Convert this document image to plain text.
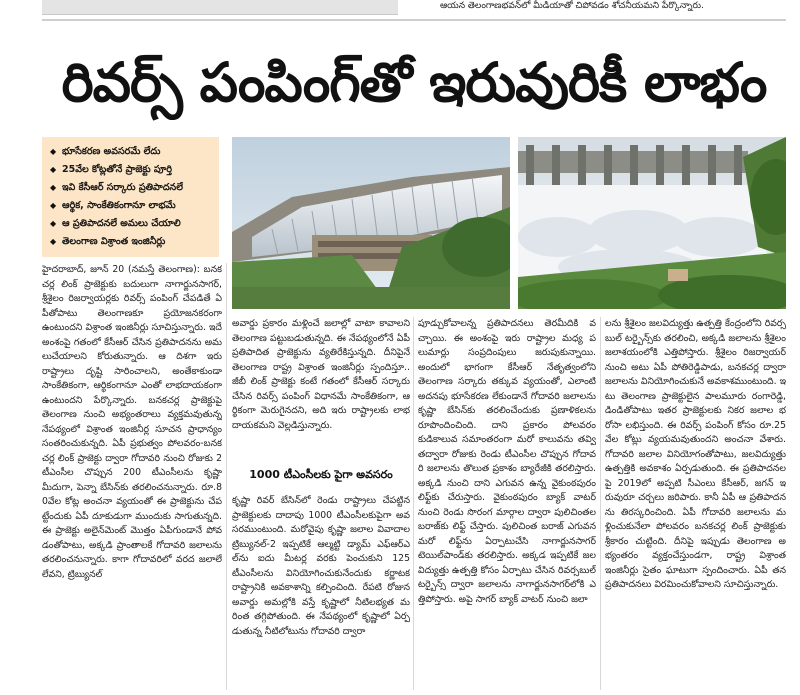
ఆయన తెలంగాణభవన్‌లో మీడియాతో చిపోవడం శోచనీయమని పేర్కొన్నారు.
రివర్స్ పంపింగ్‌తో ఇరువురికీ లాభం
◆ భూసేకరణ అవసరమే లేదు
◆ 25వేల కోట్లతోనే ప్రాజెక్టు పూర్తి
◆ ఇవి కేసీఆర్ సర్కారు ప్రతిపాదనలే
◆ ఆర్థిక, సాంకేతికంగానూ లాభమే
◆ ఆ ప్రతిపాదనలే అమలు చేయాలి
◆ తెలంగాణ విశ్రాంత ఇంజినీర్లు
హైదరాబాద్, జూన్ 20 (నమస్తే తెలంగాణ): బనకచర్ల లింక్ ప్రాజెక్టుకు బదులుగా నాగార్జునసాగర్, శ్రీశైలం రిజర్వాయర్లకు రివర్స్ పంపింగ్ చేపడితే ఏపీతోపాటు తెలంగాణకూ ప్రయోజనకరంగా ఉంటుందని విశ్రాంత ఇంజినీర్లు సూచిస్తున్నారు. ఇదే అంశంపై గతంలో కేసీఆర్ చేసిన ప్రతిపాదనను అమలుచేయాలని కోరుతున్నారు. ఆ దిశగా ఇరు రాష్ట్రాలు దృష్టి సారించాలని, అంతేకాకుండా సాంకేతికంగా, ఆర్థికంగానూ ఎంతో లాభదాయకంగా ఉంటుందని పేర్కొన్నారు. బనకచర్ల ప్రాజెక్టుపై తెలంగాణ నుంచి అభ్యంతరాలు వ్యక్తమవుతున్న నేపథ్యంలో విశ్రాంత ఇంజినీర్ల సూచన ప్రాధాన్యం సంతరించుకున్నది. ఏపీ ప్రభుత్వం పోలవరం-బనకచర్ల లింక్ ప్రాజెక్టు ద్వారా గోదావరి నుంచి రోజుకు 2 టీఎంసీల చొప్పున 200 టీఎంసీలను కృష్ణా మీదుగా, పెన్నా బేసిన్‌కు తరలించనున్నారు. రూ.80వేల కోట్ల అంచనా వ్యయంతో ఈ ప్రాజెక్టును చేపట్టేందుకు ఏపీ దూకుడుగా ముందుకు సాగుతున్నది. ఈ ప్రాజెక్టు అలైన్‌మెంట్ మొత్తం ఏపీగుండానే పోవడంతోపాటు, అక్కడి ప్రాంతాలకే గోదావరి జలాలను తరలించనున్నారు. కాగా గోదావరిలో వరద జలాలే లేవని, ట్రిబ్యునల్
అవార్డు ప్రకారం మళ్లించే జలాల్లో వాటా కావాలని తెలంగాణ పట్టుబడుతున్నది. ఈ నేపథ్యంలోనే ఏపీ ప్రతిపాదిత ప్రాజెక్టును వ్యతిరేకిస్తున్నది. దీనిపైనే తెలంగాణ రాష్ట్ర విశ్రాంత ఇంజినీర్లు స్పందిస్తూ.. జీబీ లింక్ ప్రాజెక్టు కంటే గతంలో కేసీఆర్ సర్కారు చేసిన రివర్స్ పంపింగ్ విధానమే సాంకేతికంగా, ఆర్థికంగా మెరుగైనదని, అది ఇరు రాష్ట్రాలకు లాభదాయకమని వెల్లడిస్తున్నారు.
1000 టీఎంసీలకు పైగా అవసరం
కృష్ణా రివర్ బేసిన్‌లో రెండు రాష్ట్రాలు చేపట్టిన ప్రాజెక్టులకు దాదాపు 1000 టీఎంసీలకుపైగా అవసరముంటుంది. మరోవైపు కృష్ణా జలాల వివాదాల ట్రిబ్యునల్-2 ఇప్పటికే ఆల్మట్టి డ్యామ్ ఎఫ్ఆర్ఎల్‌ను ఐదు మీటర్ల వరకు పెంచుకుని 125 టీఎంసీలను వినియోగించుకునేందుకు కర్ణాటక రాష్ట్రానికి అవకాశాన్ని కల్పించింది. రేపటి రోజున అవార్డు అమల్లోకి వస్తే కృష్ణాలో నీటిలభ్యత మరింత తగ్గిపోతుంది. ఈ నేపథ్యంలో కృష్ణాలో ఏర్పడుతున్న నీటిలోటును గోదావరి ద్వారా
పూడ్చుకోవాలన్న ప్రతిపాదనలు తెరమీదికి వచ్చాయి. ఈ అంశంపై ఇరు రాష్ట్రాల మధ్య పలుమార్లు సంప్రదింపులు జరుపుకున్నాయి. అందులో భాగంగా కేసీఆర్ నేతృత్వంలోని తెలంగాణ సర్కారు తక్కువ వ్యయంతో, ఎలాంటి అదనపు భూసేకరణ లేకుండానే గోదావరి జలాలను కృష్ణా బేసిన్‌కు తరలించేందుకు ప్రణాళికలను రూపొందించింది. దాని ప్రకారం పోలవరం కుడికాలువ సమాంతరంగా మరో కాలువను తవ్వి తద్వారా రోజుకు రెండు టీఎంసీల చొప్పున గోదావరి జలాలను తొలుత ప్రకాశం బ్యారేజీకి తరలిస్తారు. అక్కడి నుంచి దాని ఎగువన ఉన్న వైకుంఠపురం లిఫ్ట్‌కు చేరుస్తారు. వైకుంఠపురం బ్యాక్ వాటర్ నుంచి రెండు సొరంగ మార్గాల ద్వారా పులిచింతల బరాజ్‌కు లిఫ్ట్ చేస్తారు. పులిచింత బరాజ్ ఎగువన మరో లిఫ్ట్‌ను ఏర్పాటుచేసి నాగార్జునసాగర్ టెయిల్‌పాండ్‌కు తరలిస్తారు. అక్కడ ఇప్పటికే జలవిద్యుత్తు ఉత్పత్తి కోసం ఏర్పాటు చేసిన రివర్సబుల్ టర్బైన్స్ ద్వారా జలాలను నాగార్జునసాగర్‌లోకి ఎత్తిపోస్తారు. అపై సాగర్ బ్యాక్ వాటర్ నుంచి జలా
లను శ్రీశైలం జలవిద్యుత్తు ఉత్పత్తి కేంద్రంలోని రివర్సబుల్ టర్బైన్స్‌కు తరలించి, అక్కడి జలాలను శ్రీశైలం జలాశయంలోకి ఎత్తిపోస్తారు. శ్రీశైలం రిజర్వాయర్ నుంచి అటు ఏపీ పోతిరెడ్డిపాడు, బనకచర్ల ద్వారా జలాలను వినియోగించుకునే అవకాశముంటుంది. ఇటు తెలంగాణ ప్రాజెక్టులైన పాలమూరు రంగారెడ్డి, డిండితోపాటు ఇతర ప్రాజెక్టులకు నికర జలాల భరోసా లభిస్తుంది. ఈ రివర్స్ పంపింగ్ కోసం రూ.25 వేల కోట్లు వ్యయమవుతుందని అంచనా వేశారు. గోదావరి జలాల వినియోగంతోపాటు, జలవిద్యుత్తు ఉత్పత్తికి అవకాశం ఏర్పడుతుంది. ఈ ప్రతిపాదనలపై 2019లో అప్పటి సీఎంలు కేసీఆర్, జగన్ ఇరువురూ చర్చలు జరిపారు. కానీ ఏపీ ఆ ప్రతిపాదనను తిరస్కరించింది. ఏపీ గోదావరి జలాలను మళ్లించుకునేలా పోలవరం బనకచర్ల లింక్ ప్రాజెక్టుకు శ్రీకారం చుట్టింది. దీనిపై ఇప్పుడు తెలంగాణ అభ్యంతరం వ్యక్తంచేస్తుండగా, రాష్ట్ర విశ్రాంత ఇంజినీర్లు సైతం ఘాటుగా స్పందించారు. ఏపీ తన ప్రతిపాదనలు విరమించుకోవాలని సూచిస్తున్నారు.
